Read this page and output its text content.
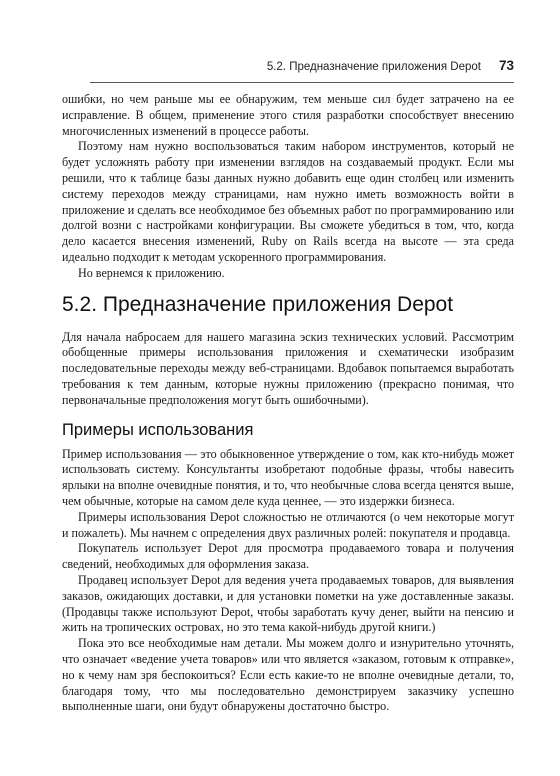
5.2. Предназначение приложения Depot 73

ошибки, но чем раньше мы ее обнаружим, тем меньше сил будет затрачено на ее исправление. В общем, применение этого стиля разработки способствует внесению многочисленных изменений в процессе работы.

Поэтому нам нужно воспользоваться таким набором инструментов, который не будет усложнять работу при изменении взглядов на создаваемый продукт. Если мы решили, что к таблице базы данных нужно добавить еще один столбец или изменить систему переходов между страницами, нам нужно иметь возможность войти в приложение и сделать все необходимое без объемных работ по программированию или долгой возни с настройками конфигурации. Вы сможете убедиться в том, что, когда дело касается внесения изменений, Ruby on Rails всегда на высоте — эта среда идеально подходит к методам ускоренного программирования.

Но вернемся к приложению.

5.2. Предназначение приложения Depot

Для начала набросаем для нашего магазина эскиз технических условий. Рассмотрим обобщенные примеры использования приложения и схематически изобразим последовательные переходы между веб-страницами. Вдобавок попытаемся выработать требования к тем данным, которые нужны приложению (прекрасно понимая, что первоначальные предположения могут быть ошибочными).

Примеры использования

Пример использования — это обыкновенное утверждение о том, как кто-нибудь может использовать систему. Консультанты изобретают подобные фразы, чтобы навесить ярлыки на вполне очевидные понятия, и то, что необычные слова всегда ценятся выше, чем обычные, которые на самом деле куда ценнее, — это издержки бизнеса.

Примеры использования Depot сложностью не отличаются (о чем некоторые могут и пожалеть). Мы начнем с определения двух различных ролей: покупателя и продавца.

Покупатель использует Depot для просмотра продаваемого товара и получения сведений, необходимых для оформления заказа.

Продавец использует Depot для ведения учета продаваемых товаров, для выявления заказов, ожидающих доставки, и для установки пометки на уже доставленные заказы. (Продавцы также используют Depot, чтобы заработать кучу денег, выйти на пенсию и жить на тропических островах, но это тема какой-нибудь другой книги.)

Пока это все необходимые нам детали. Мы можем долго и изнурительно уточнять, что означает «ведение учета товаров» или что является «заказом, готовым к отправке», но к чему нам зря беспокоиться? Если есть какие-то не вполне очевидные детали, то, благодаря тому, что мы последовательно демонстрируем заказчику успешно выполненные шаги, они будут обнаружены достаточно быстро.
